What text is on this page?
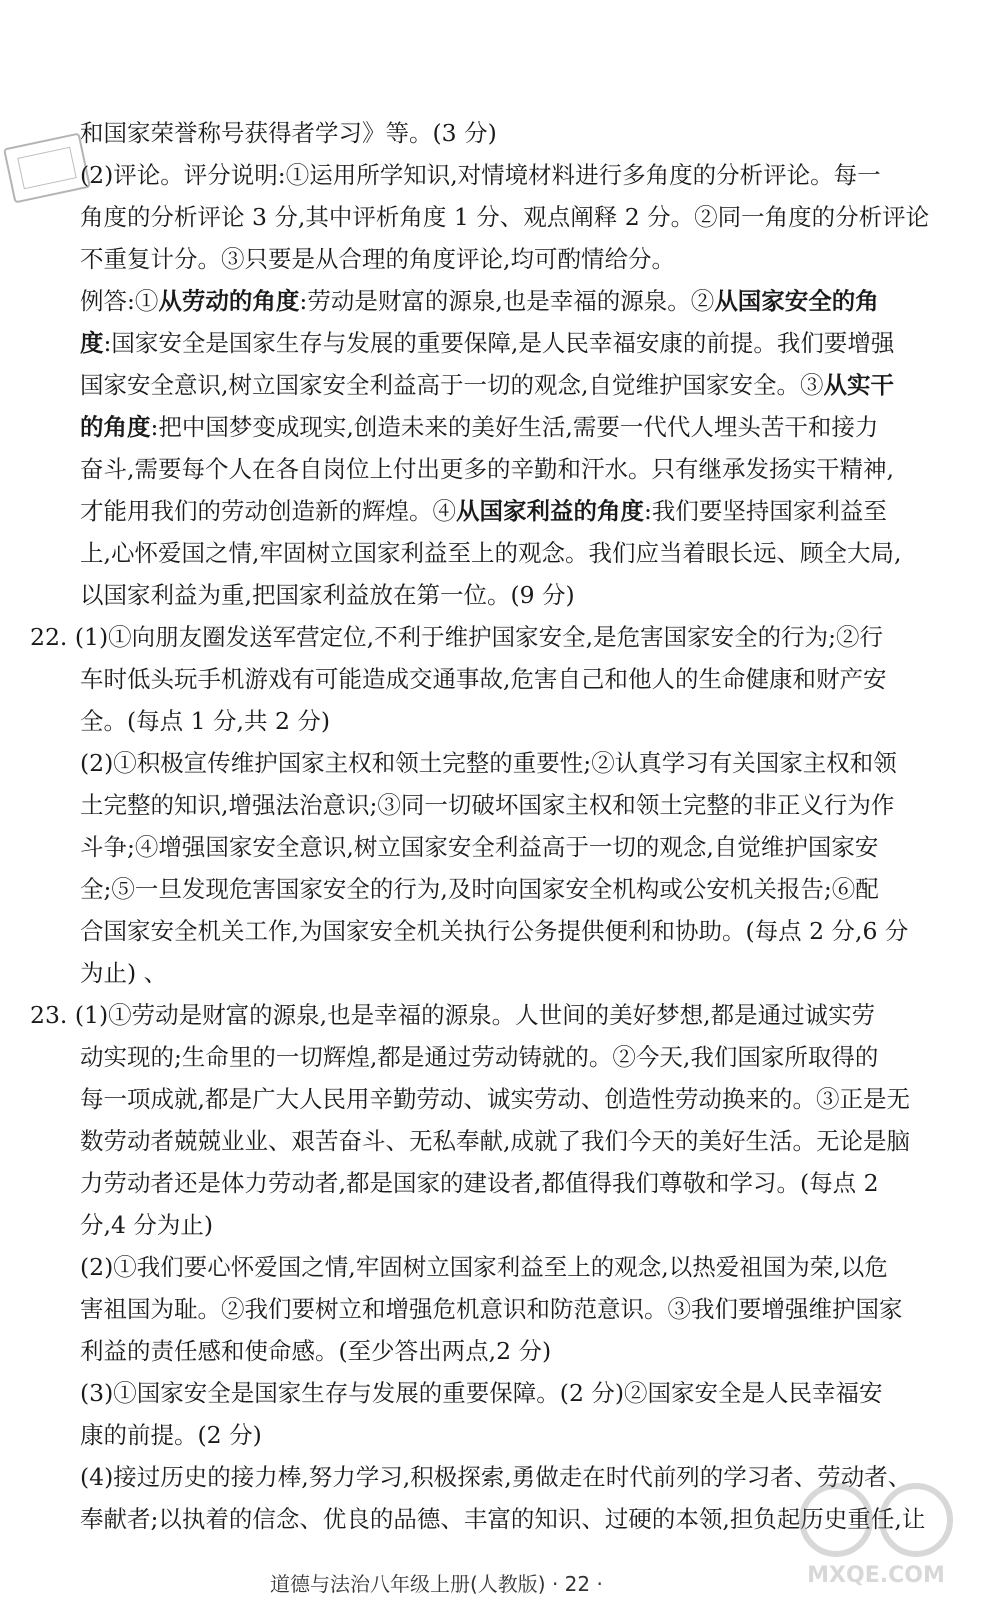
和国家荣誉称号获得者学习》等。(3 分)
(2)评论。评分说明:①运用所学知识,对情境材料进行多角度的分析评论。每一
角度的分析评论 3 分,其中评析角度 1 分、观点阐释 2 分。②同一角度的分析评论
不重复计分。③只要是从合理的角度评论,均可酌情给分。
例答:①从劳动的角度:劳动是财富的源泉,也是幸福的源泉。②从国家安全的角
度:国家安全是国家生存与发展的重要保障,是人民幸福安康的前提。我们要增强
国家安全意识,树立国家安全利益高于一切的观念,自觉维护国家安全。③从实干
的角度:把中国梦变成现实,创造未来的美好生活,需要一代代人埋头苦干和接力
奋斗,需要每个人在各自岗位上付出更多的辛勤和汗水。只有继承发扬实干精神,
才能用我们的劳动创造新的辉煌。④从国家利益的角度:我们要坚持国家利益至
上,心怀爱国之情,牢固树立国家利益至上的观念。我们应当着眼长远、顾全大局,
以国家利益为重,把国家利益放在第一位。(9 分)
22. (1)①向朋友圈发送军营定位,不利于维护国家安全,是危害国家安全的行为;②行
车时低头玩手机游戏有可能造成交通事故,危害自己和他人的生命健康和财产安
全。(每点 1 分,共 2 分)
(2)①积极宣传维护国家主权和领土完整的重要性;②认真学习有关国家主权和领
土完整的知识,增强法治意识;③同一切破坏国家主权和领土完整的非正义行为作
斗争;④增强国家安全意识,树立国家安全利益高于一切的观念,自觉维护国家安
全;⑤一旦发现危害国家安全的行为,及时向国家安全机构或公安机关报告;⑥配
合国家安全机关工作,为国家安全机关执行公务提供便利和协助。(每点 2 分,6 分
为止) 、
23. (1)①劳动是财富的源泉,也是幸福的源泉。人世间的美好梦想,都是通过诚实劳
动实现的;生命里的一切辉煌,都是通过劳动铸就的。②今天,我们国家所取得的
每一项成就,都是广大人民用辛勤劳动、诚实劳动、创造性劳动换来的。③正是无
数劳动者兢兢业业、艰苦奋斗、无私奉献,成就了我们今天的美好生活。无论是脑
力劳动者还是体力劳动者,都是国家的建设者,都值得我们尊敬和学习。(每点 2
分,4 分为止)
(2)①我们要心怀爱国之情,牢固树立国家利益至上的观念,以热爱祖国为荣,以危
害祖国为耻。②我们要树立和增强危机意识和防范意识。③我们要增强维护国家
利益的责任感和使命感。(至少答出两点,2 分)
(3)①国家安全是国家生存与发展的重要保障。(2 分)②国家安全是人民幸福安
康的前提。(2 分)
(4)接过历史的接力棒,努力学习,积极探索,勇做走在时代前列的学习者、劳动者、
奉献者;以执着的信念、优良的品德、丰富的知识、过硬的本领,担负起历史重任,让
MXQE.COM
道德与法治八年级上册(人教版) · 22 ·
